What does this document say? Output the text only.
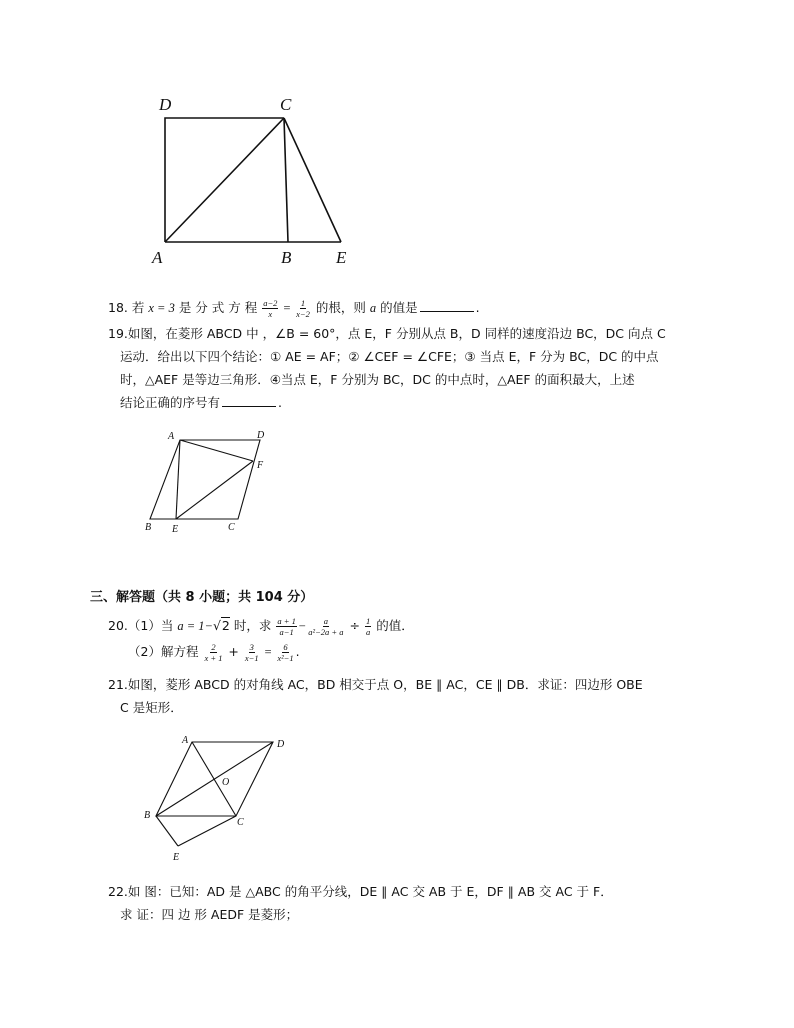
D	C
A	B	E
18. 若 x = 3 是 分 式 方 程 $\frac{a-2}{x} = \frac{1}{x-2}$ 的根，则 a 的值是	.
19.如图，在菱形 ABCD 中 ，∠B = 60°，点 E，F 分别从点 B，D 同样的速度沿边 BC，DC 向点 C
运动．给出以下四个结论：① AE = AF；② ∠CEF = ∠CFE；③ 当点 E，F 分为 BC，DC 的中点
时，△AEF 是等边三角形．④当点 E，F 分别为 BC，DC 的中点时，△AEF 的面积最大，上述
结论正确的序号有	.
A	D
F
B E	C
三、解答题（共 8 小题；共 104 分）
20.（1）当 a = 1−√2 时，求 $\frac{a + 1}{a-1} - \frac{a}{\text{a²−2a + a}} \div \frac{1}{a}$ 的值．
（2）解方程 $\frac{2}{x + 1} + \frac{3}{x-1} = \frac{6}{\text{x²−1}}$ .
21.如图，菱形 ABCD 的对角线 AC，BD 相交于点 O，BE ∥ AC，CE ∥ DB．求证：四边形 OBE
C 是矩形．
A	D
O
B
C
E
22.如 图：已知：AD 是 △ABC 的角平分线，DE ∥ AC 交 AB 于 E，DF ∥ AB 交 AC 于 F．
求 证：四 边 形 AEDF 是菱形；
